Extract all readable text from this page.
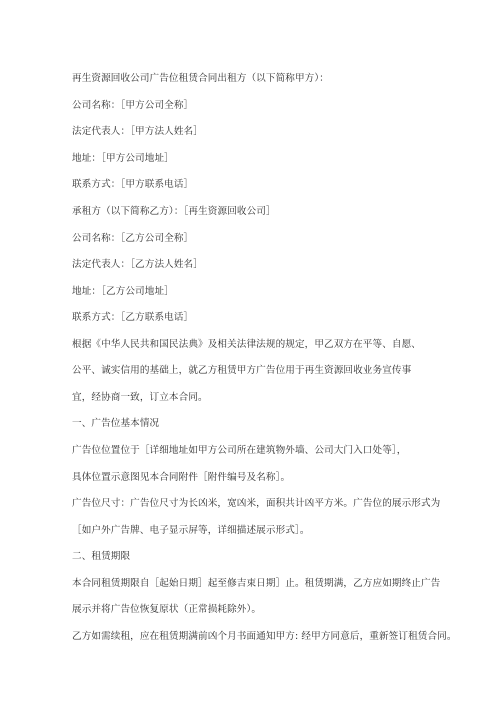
再生资源回收公司广告位租赁合同出租方（以下简称甲方）：
公司名称：［甲方公司全称］
法定代表人：［甲方法人姓名］
地址：［甲方公司地址］
联系方式：［甲方联系电话］
承租方（以下简称乙方）：［再生资源回收公司］
公司名称：［乙方公司全称］
法定代表人：［乙方法人姓名］
地址：［乙方公司地址］
联系方式：［乙方联系电话］
根据《中华人民共和国民法典》及相关法律法规的规定，甲乙双方在平等、自愿、
公平、诚实信用的基础上，就乙方租赁甲方广告位用于再生资源回收业务宣传事
宜，经协商一致，订立本合同。
一、广告位基本情况
广告位位置位于［详细地址如甲方公司所在建筑物外墙、公司大门入口处等］，
具体位置示意图见本合同附件［附件编号及名称］。
广告位尺寸：广告位尺寸为长凶米，宽凶米，面积共计凶平方米。广告位的展示形式为
［如户外广告牌、电子显示屏等，详细描述展示形式］。
二、租赁期限
本合同租赁期限自［起始日期］起至修吉束日期］止。租赁期满，乙方应如期终止广告
展示并将广告位恢复原状（正常损耗除外）。
乙方如需续租，应在租赁期满前凶个月书面通知甲方: 经甲方同意后，重新签订租赁合同。
